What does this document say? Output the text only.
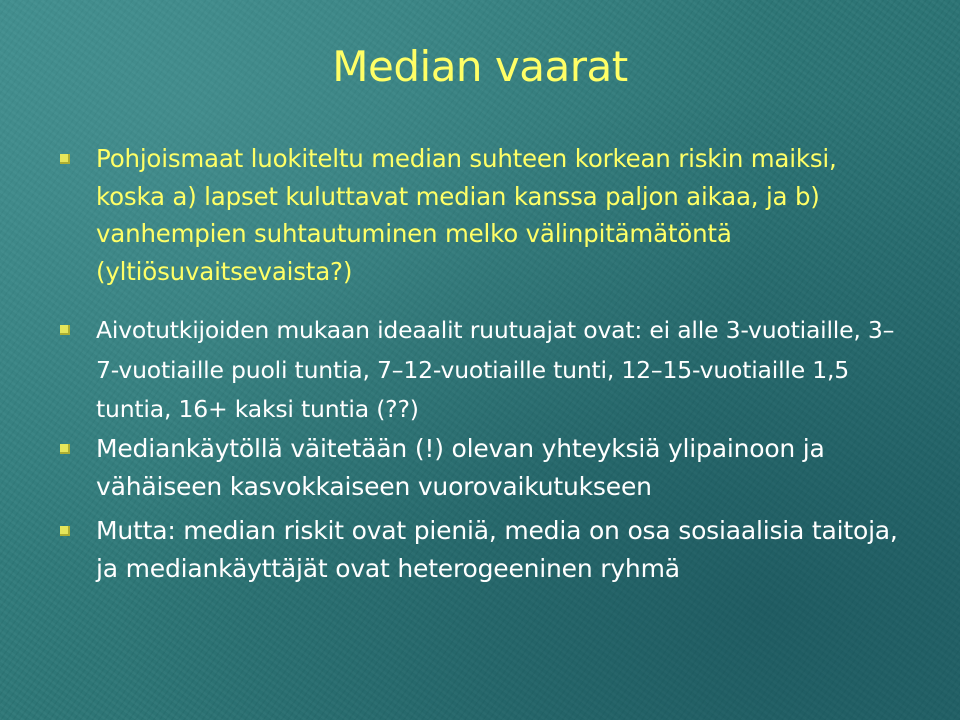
Median vaarat
Pohjoismaat luokiteltu median suhteen korkean riskin maiksi, koska a) lapset kuluttavat median kanssa paljon aikaa, ja b) vanhempien suhtautuminen melko välinpitämätöntä (yltiösuvaitsevaista?)
Aivotutkijoiden mukaan ideaalit ruutuajat ovat: ei alle 3-vuotiaille, 3–7-vuotiaille puoli tuntia, 7–12-vuotiaille tunti, 12–15-vuotiaille 1,5 tuntia, 16+ kaksi tuntia (??)
Mediankäytöllä väitetään (!) olevan yhteyksiä ylipainoon ja vähäiseen kasvokkaiseen vuorovaikutukseen
Mutta: median riskit ovat pieniä, media on osa sosiaalisia taitoja, ja mediankäyttäjät ovat heterogeeninen ryhmä
